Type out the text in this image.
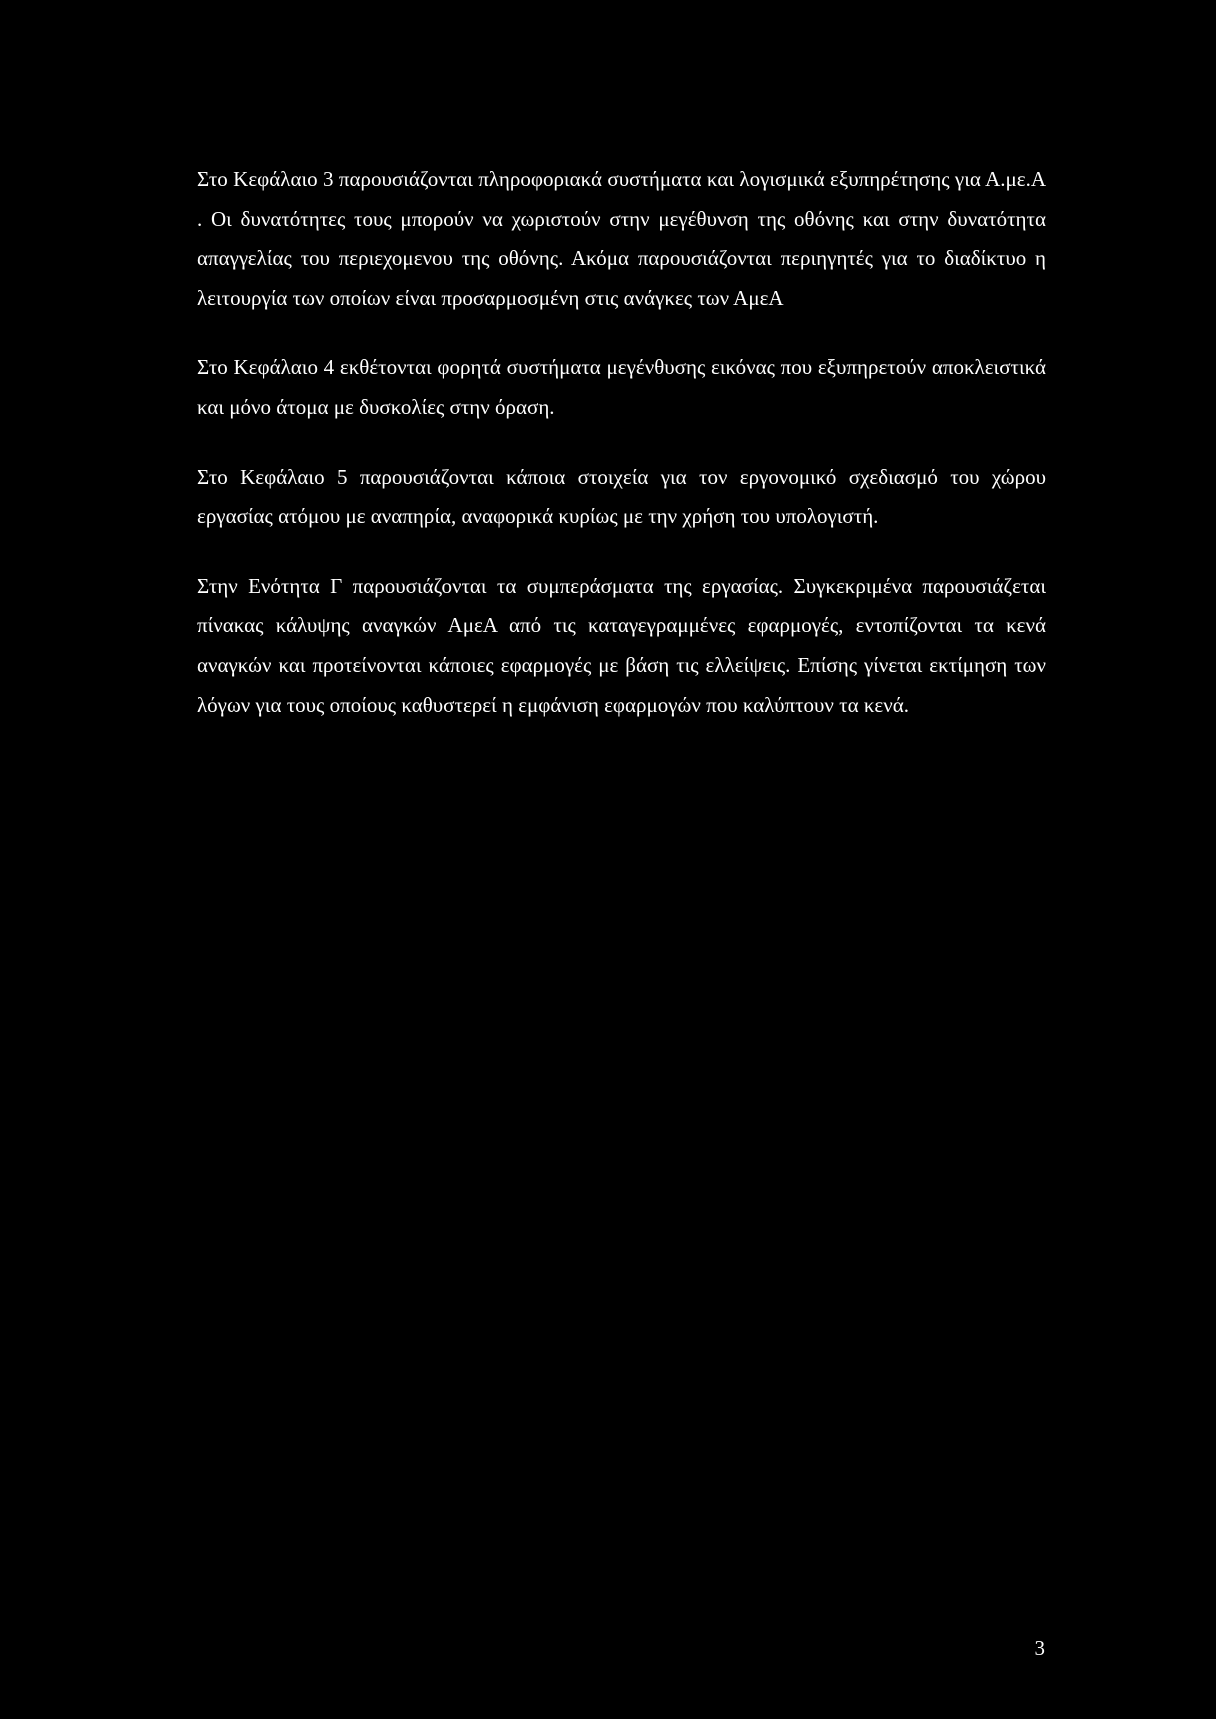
Στο Κεφάλαιο 3 παρουσιάζονται πληροφοριακά συστήματα και λογισμικά εξυπηρέτησης για Α.με.Α . Οι δυνατότητες τους μπορούν να χωριστούν στην μεγέθυνση της οθόνης και στην δυνατότητα απαγγελίας του περιεχομενου της οθόνης. Ακόμα παρουσιάζονται περιηγητές για το διαδίκτυο η λειτουργία των οποίων είναι προσαρμοσμένη στις ανάγκες των ΑμεΑ

Στο Κεφάλαιο 4 εκθέτονται φορητά συστήματα μεγένθυσης εικόνας που εξυπηρετούν αποκλειστικά και μόνο άτομα με δυσκολίες στην όραση.

Στο Κεφάλαιο 5 παρουσιάζονται κάποια στοιχεία για τον εργονομικό σχεδιασμό του χώρου εργασίας ατόμου με αναπηρία, αναφορικά κυρίως με την χρήση του υπολογιστή.

Στην Ενότητα Γ παρουσιάζονται τα συμπεράσματα της εργασίας. Συγκεκριμένα παρουσιάζεται πίνακας κάλυψης αναγκών ΑμεΑ από τις καταγεγραμμένες εφαρμογές, εντοπίζονται τα κενά αναγκών και προτείνονται κάποιες εφαρμογές με βάση τις ελλείψεις. Επίσης γίνεται εκτίμηση των λόγων για τους οποίους καθυστερεί η εμφάνιση εφαρμογών που καλύπτουν τα κενά.

3
